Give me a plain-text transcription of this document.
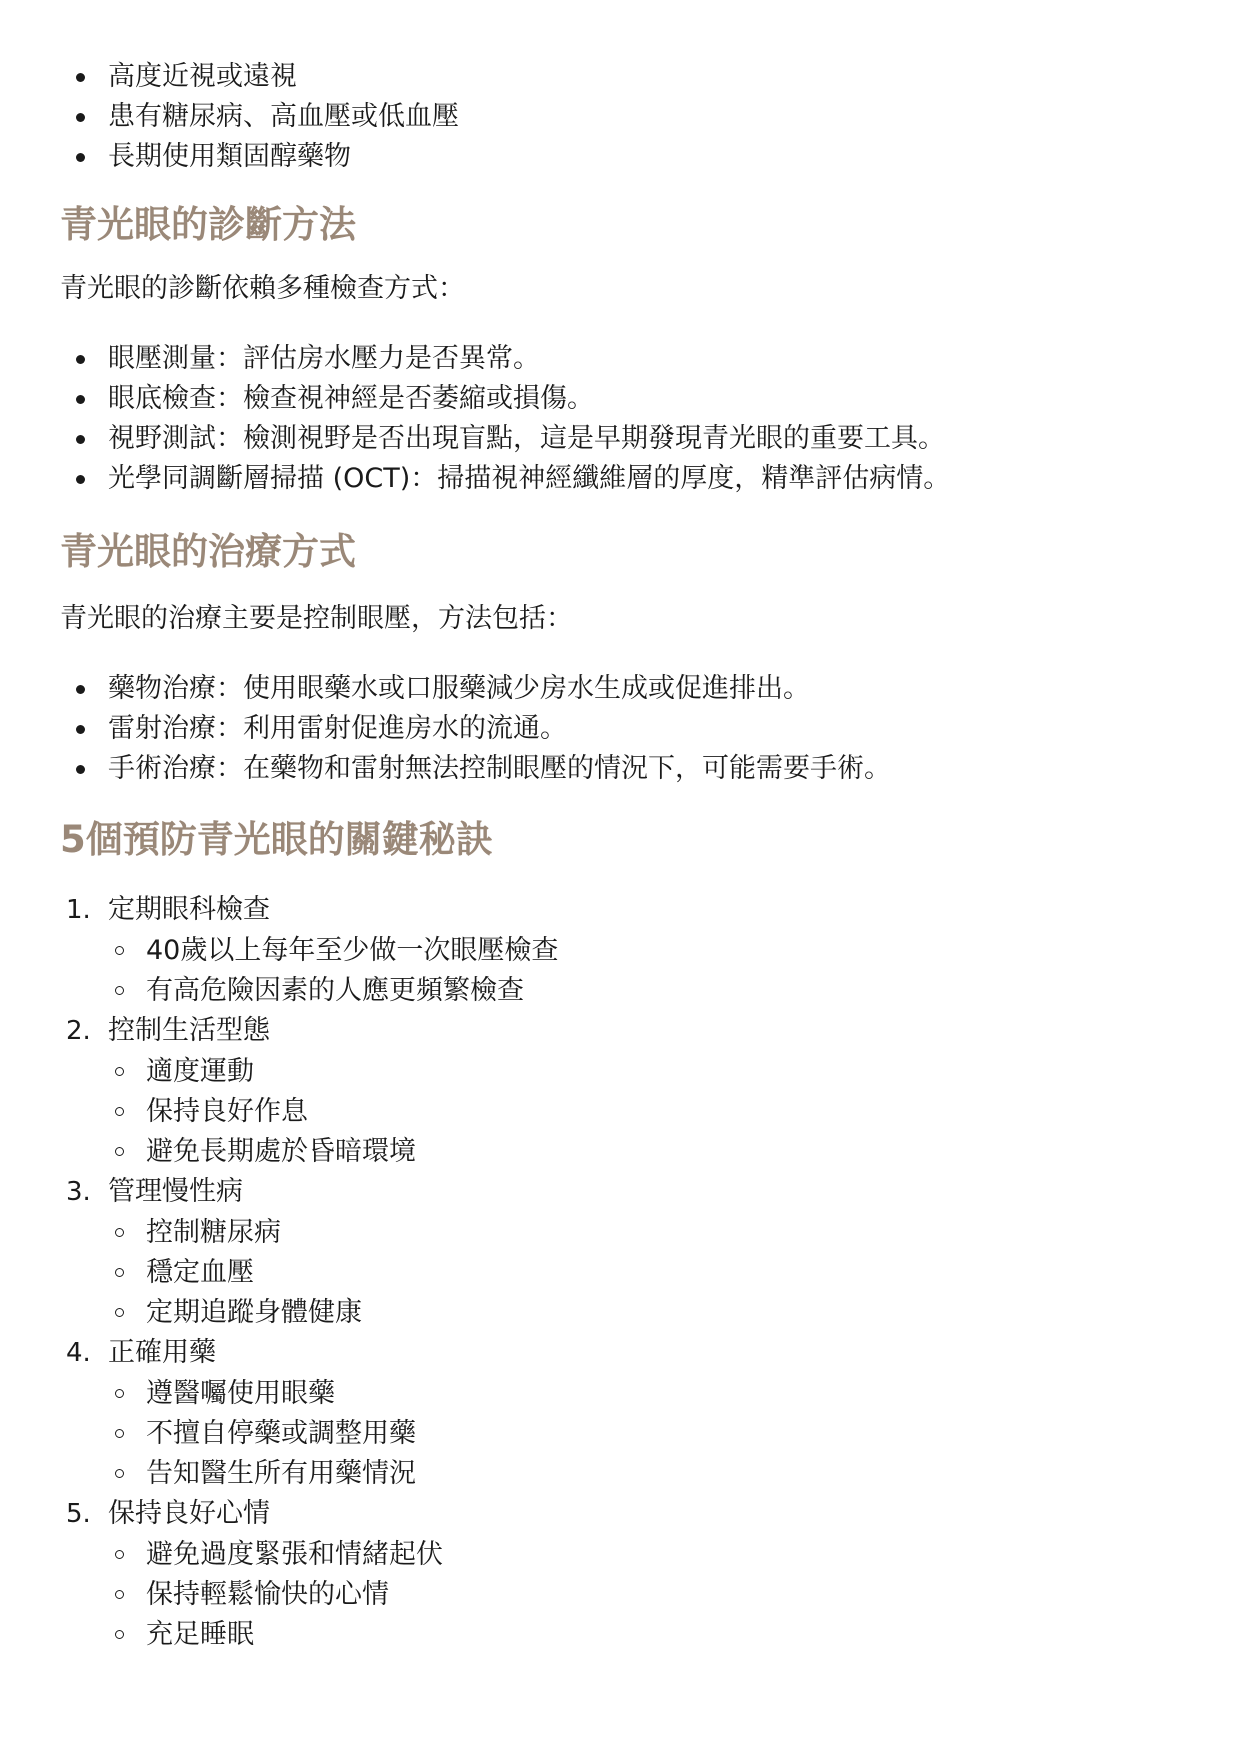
高度近視或遠視
患有糖尿病、高血壓或低血壓
長期使用類固醇藥物
青光眼的診斷方法
青光眼的診斷依賴多種檢查方式：
眼壓測量：評估房水壓力是否異常。
眼底檢查：檢查視神經是否萎縮或損傷。
視野測試：檢測視野是否出現盲點，這是早期發現青光眼的重要工具。
光學同調斷層掃描 (OCT)：掃描視神經纖維層的厚度，精準評估病情。
青光眼的治療方式
青光眼的治療主要是控制眼壓，方法包括：
藥物治療：使用眼藥水或口服藥減少房水生成或促進排出。
雷射治療：利用雷射促進房水的流通。
手術治療：在藥物和雷射無法控制眼壓的情況下，可能需要手術。
5個預防青光眼的關鍵秘訣
1. 定期眼科檢查
40歲以上每年至少做一次眼壓檢查
有高危險因素的人應更頻繁檢查
2. 控制生活型態
適度運動
保持良好作息
避免長期處於昏暗環境
3. 管理慢性病
控制糖尿病
穩定血壓
定期追蹤身體健康
4. 正確用藥
遵醫囑使用眼藥
不擅自停藥或調整用藥
告知醫生所有用藥情況
5. 保持良好心情
避免過度緊張和情緒起伏
保持輕鬆愉快的心情
充足睡眠
